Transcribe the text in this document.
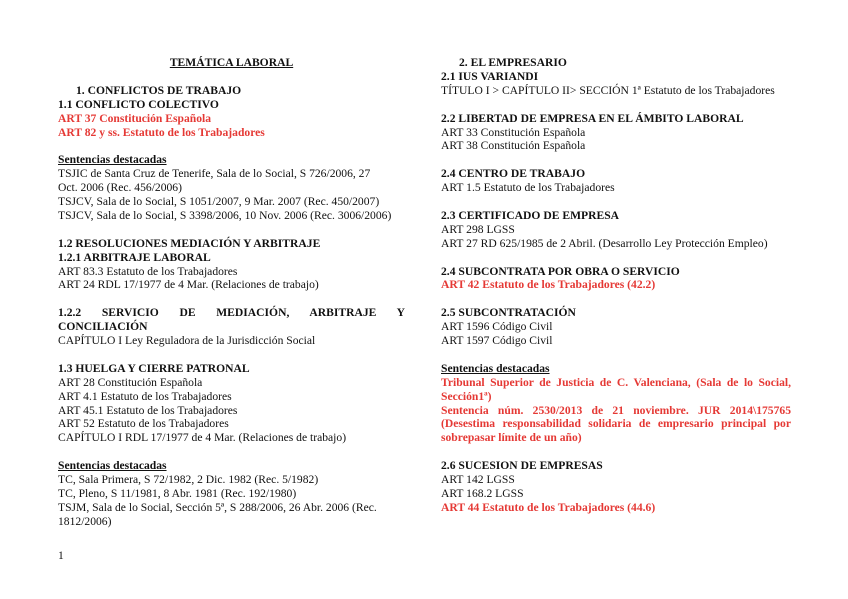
TEMÁTICA LABORAL
1. CONFLICTOS DE TRABAJO
1.1 CONFLICTO COLECTIVO
ART 37 Constitución Española
ART 82 y ss. Estatuto de los Trabajadores
Sentencias destacadas
TSJIC de Santa Cruz de Tenerife, Sala de lo Social, S 726/2006, 27
Oct. 2006 (Rec. 456/2006)
TSJCV, Sala de lo Social, S 1051/2007, 9 Mar. 2007 (Rec. 450/2007)
TSJCV, Sala de lo Social, S 3398/2006, 10 Nov. 2006 (Rec. 3006/2006)
1.2 RESOLUCIONES MEDIACIÓN Y ARBITRAJE
1.2.1 ARBITRAJE LABORAL
ART 83.3 Estatuto de los Trabajadores
ART 24 RDL 17/1977 de 4 Mar. (Relaciones de trabajo)
1.2.2    SERVICIO    DE    MEDIACIÓN,    ARBITRAJE    Y
CONCILIACIÓN
CAPÍTULO I Ley Reguladora de la Jurisdicción Social
1.3 HUELGA Y CIERRE PATRONAL
ART 28 Constitución Española
ART 4.1 Estatuto de los Trabajadores
ART 45.1 Estatuto de los Trabajadores
ART 52 Estatuto de los Trabajadores
CAPÍTULO I RDL 17/1977 de 4 Mar. (Relaciones de trabajo)
Sentencias destacadas
TC, Sala Primera, S 72/1982, 2 Dic. 1982 (Rec. 5/1982)
TC, Pleno, S 11/1981, 8 Abr. 1981 (Rec. 192/1980)
TSJM, Sala de lo Social, Sección 5ª, S 288/2006, 26 Abr. 2006 (Rec.
1812/2006)
2. EL EMPRESARIO
2.1 IUS VARIANDI
TÍTULO I > CAPÍTULO II> SECCIÓN 1ª Estatuto de los Trabajadores
2.2 LIBERTAD DE EMPRESA EN EL ÁMBITO LABORAL
ART 33 Constitución Española
ART 38 Constitución Española
2.4 CENTRO DE TRABAJO
ART 1.5 Estatuto de los Trabajadores
2.3 CERTIFICADO DE EMPRESA
ART 298 LGSS
ART 27 RD 625/1985 de 2 Abril. (Desarrollo Ley Protección Empleo)
2.4 SUBCONTRATA POR OBRA O SERVICIO
ART 42 Estatuto de los Trabajadores (42.2)
2.5 SUBCONTRATACIÓN
ART 1596 Código Civil
ART 1597 Código Civil
Sentencias destacadas
Tribunal Superior de Justicia de C. Valenciana, (Sala de lo Social,
Sección1ª)
Sentencia núm. 2530/2013 de 21 noviembre. JUR 2014\175765
(Desestima responsabilidad solidaria de empresario principal por
sobrepasar límite de un año)
2.6 SUCESION DE EMPRESAS
ART 142 LGSS
ART 168.2 LGSS
ART 44 Estatuto de los Trabajadores (44.6)
1
